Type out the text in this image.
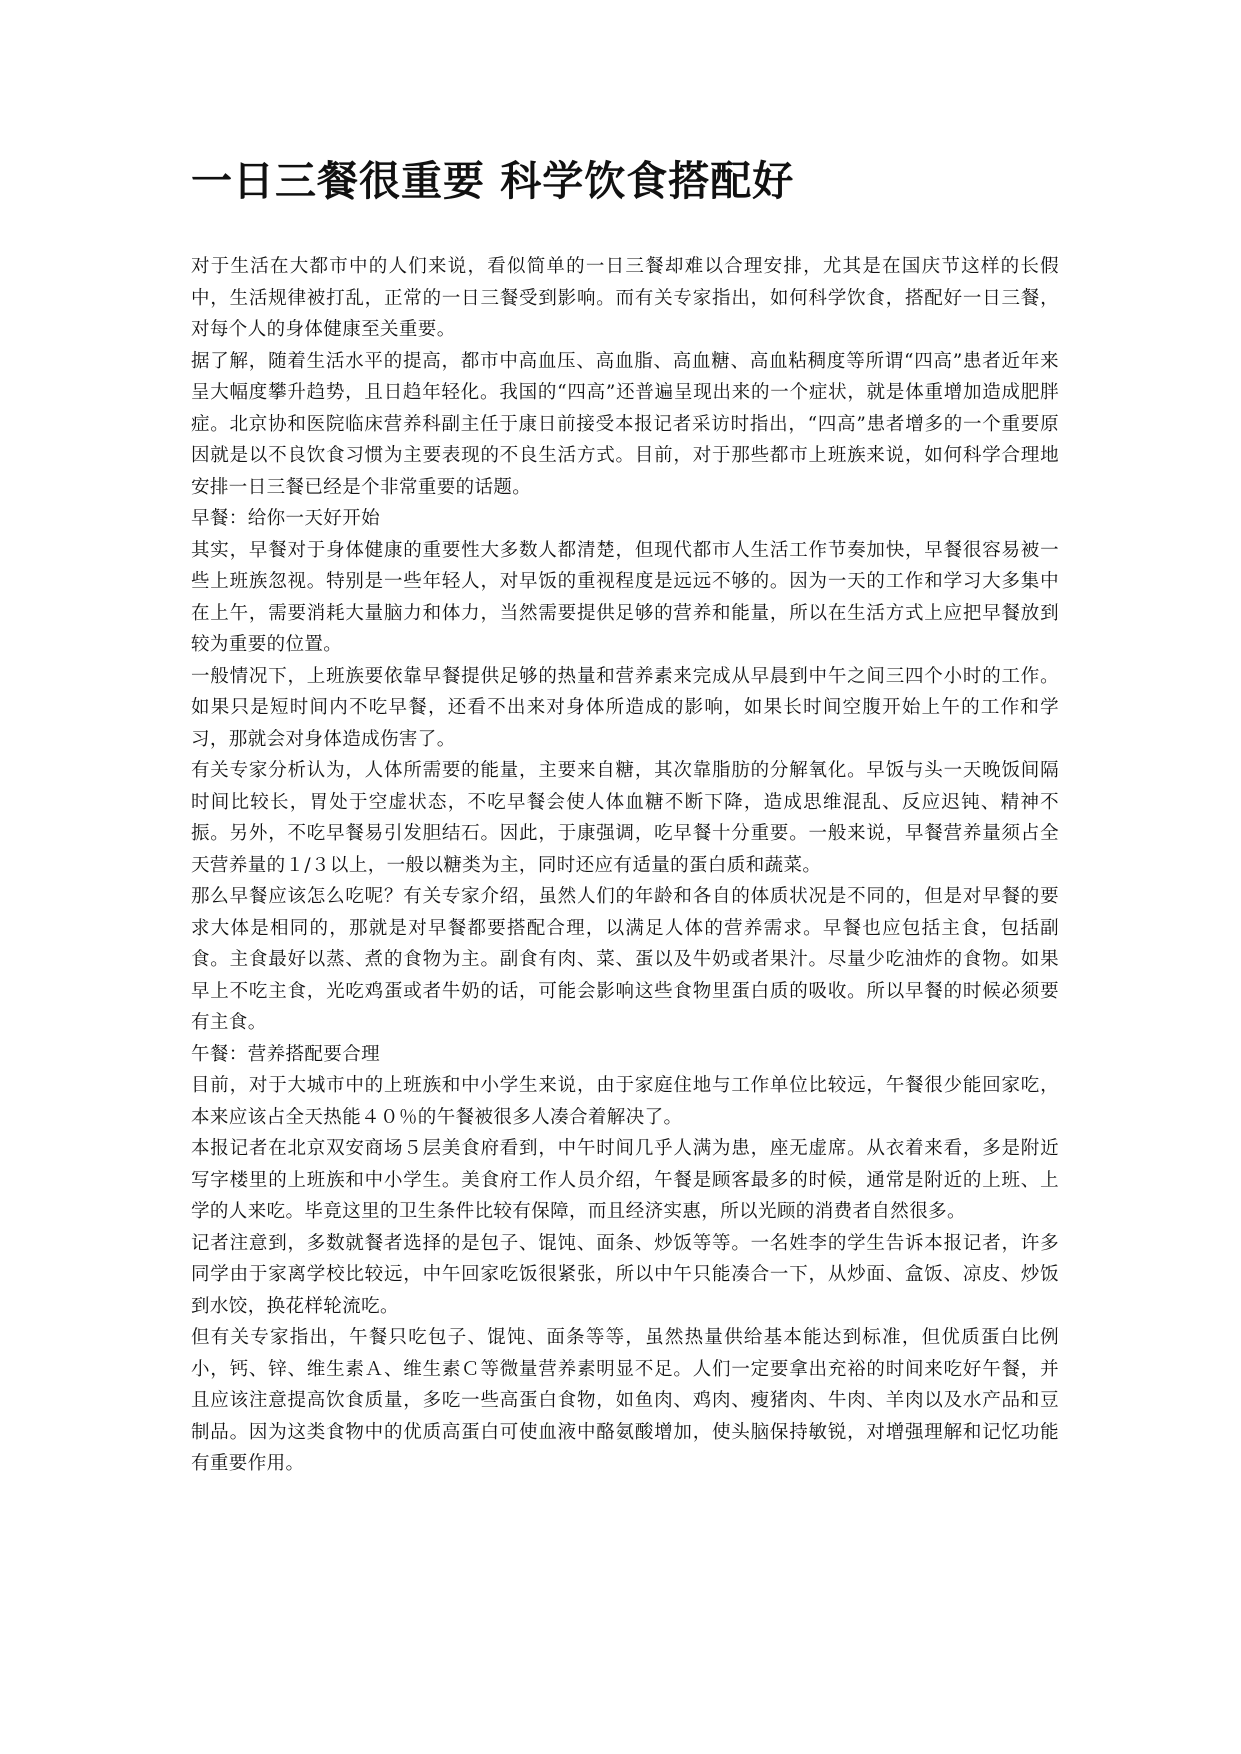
一日三餐很重要 科学饮食搭配好

对于生活在大都市中的人们来说，看似简单的一日三餐却难以合理安排，尤其是在国庆节这样的长假中，生活规律被打乱，正常的一日三餐受到影响。而有关专家指出，如何科学饮食，搭配好一日三餐，对每个人的身体健康至关重要。

据了解，随着生活水平的提高，都市中高血压、高血脂、高血糖、高血粘稠度等所谓“四高”患者近年来呈大幅度攀升趋势，且日趋年轻化。我国的“四高”还普遍呈现出来的一个症状，就是体重增加造成肥胖症。北京协和医院临床营养科副主任于康日前接受本报记者采访时指出，“四高”患者增多的一个重要原因就是以不良饮食习惯为主要表现的不良生活方式。目前，对于那些都市上班族来说，如何科学合理地安排一日三餐已经是个非常重要的话题。

早餐：给你一天好开始

其实，早餐对于身体健康的重要性大多数人都清楚，但现代都市人生活工作节奏加快，早餐很容易被一些上班族忽视。特别是一些年轻人，对早饭的重视程度是远远不够的。因为一天的工作和学习大多集中在上午，需要消耗大量脑力和体力，当然需要提供足够的营养和能量，所以在生活方式上应把早餐放到较为重要的位置。

一般情况下，上班族要依靠早餐提供足够的热量和营养素来完成从早晨到中午之间三四个小时的工作。如果只是短时间内不吃早餐，还看不出来对身体所造成的影响，如果长时间空腹开始上午的工作和学习，那就会对身体造成伤害了。

有关专家分析认为，人体所需要的能量，主要来自糖，其次靠脂肪的分解氧化。早饭与头一天晚饭间隔时间比较长，胃处于空虚状态，不吃早餐会使人体血糖不断下降，造成思维混乱、反应迟钝、精神不振。另外，不吃早餐易引发胆结石。因此，于康强调，吃早餐十分重要。一般来说，早餐营养量须占全天营养量的１/３以上，一般以糖类为主，同时还应有适量的蛋白质和蔬菜。

那么早餐应该怎么吃呢？有关专家介绍，虽然人们的年龄和各自的体质状况是不同的，但是对早餐的要求大体是相同的，那就是对早餐都要搭配合理，以满足人体的营养需求。早餐也应包括主食，包括副食。主食最好以蒸、煮的食物为主。副食有肉、菜、蛋以及牛奶或者果汁。尽量少吃油炸的食物。如果早上不吃主食，光吃鸡蛋或者牛奶的话，可能会影响这些食物里蛋白质的吸收。所以早餐的时候必须要有主食。

午餐：营养搭配要合理

目前，对于大城市中的上班族和中小学生来说，由于家庭住地与工作单位比较远，午餐很少能回家吃，本来应该占全天热能４０％的午餐被很多人凑合着解决了。

本报记者在北京双安商场５层美食府看到，中午时间几乎人满为患，座无虚席。从衣着来看，多是附近写字楼里的上班族和中小学生。美食府工作人员介绍，午餐是顾客最多的时候，通常是附近的上班、上学的人来吃。毕竟这里的卫生条件比较有保障，而且经济实惠，所以光顾的消费者自然很多。

记者注意到，多数就餐者选择的是包子、馄饨、面条、炒饭等等。一名姓李的学生告诉本报记者，许多同学由于家离学校比较远，中午回家吃饭很紧张，所以中午只能凑合一下，从炒面、盒饭、凉皮、炒饭到水饺，换花样轮流吃。

但有关专家指出，午餐只吃包子、馄饨、面条等等，虽然热量供给基本能达到标准，但优质蛋白比例小，钙、锌、维生素Ａ、维生素Ｃ等微量营养素明显不足。人们一定要拿出充裕的时间来吃好午餐，并且应该注意提高饮食质量，多吃一些高蛋白食物，如鱼肉、鸡肉、瘦猪肉、牛肉、羊肉以及水产品和豆制品。因为这类食物中的优质高蛋白可使血液中酪氨酸增加，使头脑保持敏锐，对增强理解和记忆功能有重要作用。
